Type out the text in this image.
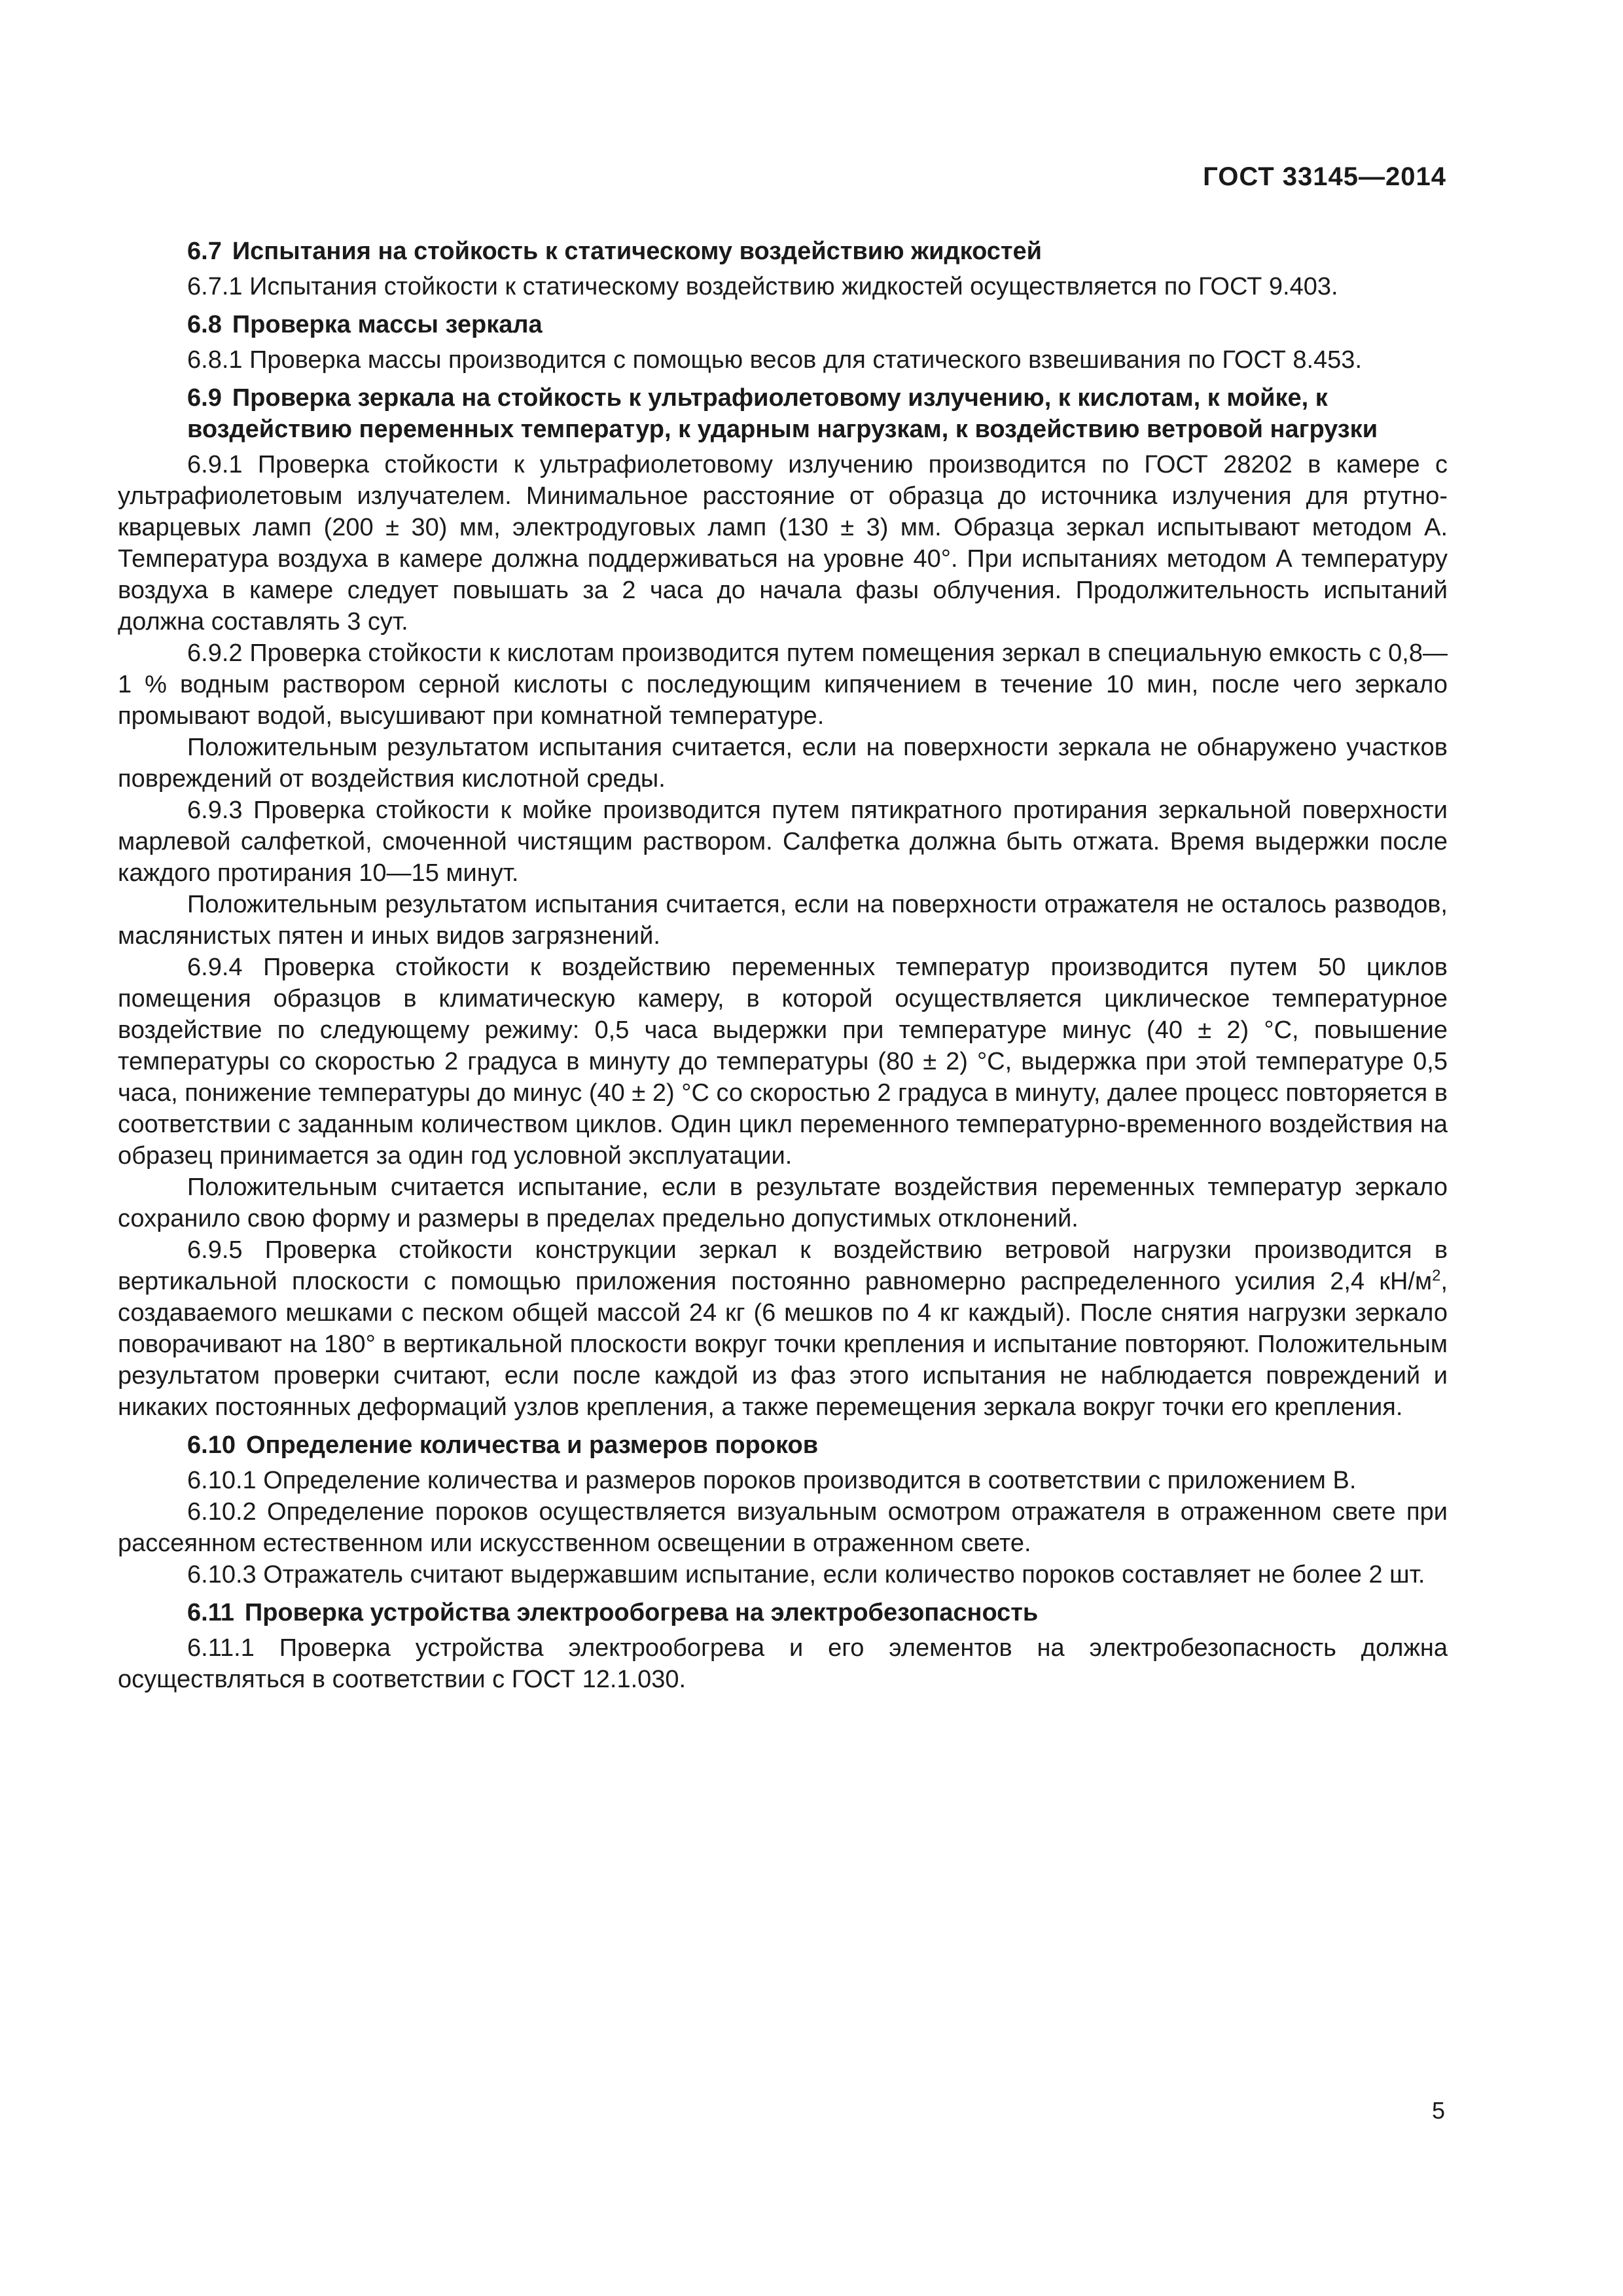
ГОСТ 33145—2014
6.7 Испытания на стойкость к статическому воздействию жидкостей

6.7.1 Испытания стойкости к статическому воздействию жидкостей осуществляется по ГОСТ 9.403.

6.8 Проверка массы зеркала

6.8.1 Проверка массы производится с помощью весов для статического взвешивания по ГОСТ 8.453.

6.9 Проверка зеркала на стойкость к ультрафиолетовому излучению, к кислотам, к мойке, к воздействию переменных температур, к ударным нагрузкам, к воздействию ветровой нагрузки

6.9.1 Проверка стойкости к ультрафиолетовому излучению производится по ГОСТ 28202 в камере с ультрафиолетовым излучателем. Минимальное расстояние от образца до источника излучения для ртутно-кварцевых ламп (200 ± 30) мм, электродуговых ламп (130 ± 3) мм. Образца зеркал испытывают методом А. Температура воздуха в камере должна поддерживаться на уровне 40°. При испытаниях методом А температуру воздуха в камере следует повышать за 2 часа до начала фазы облучения. Продолжительность испытаний должна составлять 3 сут.

6.9.2 Проверка стойкости к кислотам производится путем помещения зеркал в специальную емкость с 0,8—1 % водным раствором серной кислоты с последующим кипячением в течение 10 мин, после чего зеркало промывают водой, высушивают при комнатной температуре.

Положительным результатом испытания считается, если на поверхности зеркала не обнаружено участков повреждений от воздействия кислотной среды.

6.9.3 Проверка стойкости к мойке производится путем пятикратного протирания зеркальной поверхности марлевой салфеткой, смоченной чистящим раствором. Салфетка должна быть отжата. Время выдержки после каждого протирания 10—15 минут.

Положительным результатом испытания считается, если на поверхности отражателя не осталось разводов, маслянистых пятен и иных видов загрязнений.

6.9.4 Проверка стойкости к воздействию переменных температур производится путем 50 циклов помещения образцов в климатическую камеру, в которой осуществляется циклическое температурное воздействие по следующему режиму: 0,5 часа выдержки при температуре минус (40 ± 2) °С, повышение температуры со скоростью 2 градуса в минуту до температуры (80 ± 2) °С, выдержка при этой температуре 0,5 часа, понижение температуры до минус (40 ± 2) °С со скоростью 2 градуса в минуту, далее процесс повторяется в соответствии с заданным количеством циклов. Один цикл переменного температурно-временного воздействия на образец принимается за один год условной эксплуатации.

Положительным считается испытание, если в результате воздействия переменных температур зеркало сохранило свою форму и размеры в пределах предельно допустимых отклонений.

6.9.5 Проверка стойкости конструкции зеркал к воздействию ветровой нагрузки производится в вертикальной плоскости с помощью приложения постоянно равномерно распределенного усилия 2,4 $кН/м^2$, создаваемого мешками с песком общей массой 24 кг (6 мешков по 4 кг каждый). После снятия нагрузки зеркало поворачивают на 180° в вертикальной плоскости вокруг точки крепления и испытание повторяют. Положительным результатом проверки считают, если после каждой из фаз этого испытания не наблюдается повреждений и никаких постоянных деформаций узлов крепления, а также перемещения зеркала вокруг точки его крепления.

6.10 Определение количества и размеров пороков

6.10.1 Определение количества и размеров пороков производится в соответствии с приложением В.

6.10.2 Определение пороков осуществляется визуальным осмотром отражателя в отраженном свете при рассеянном естественном или искусственном освещении в отраженном свете.

6.10.3 Отражатель считают выдержавшим испытание, если количество пороков составляет не более 2 шт.

6.11 Проверка устройства электрообогрева на электробезопасность

6.11.1 Проверка устройства электрообогрева и его элементов на электробезопасность должна осуществляться в соответствии с ГОСТ 12.1.030.

5
